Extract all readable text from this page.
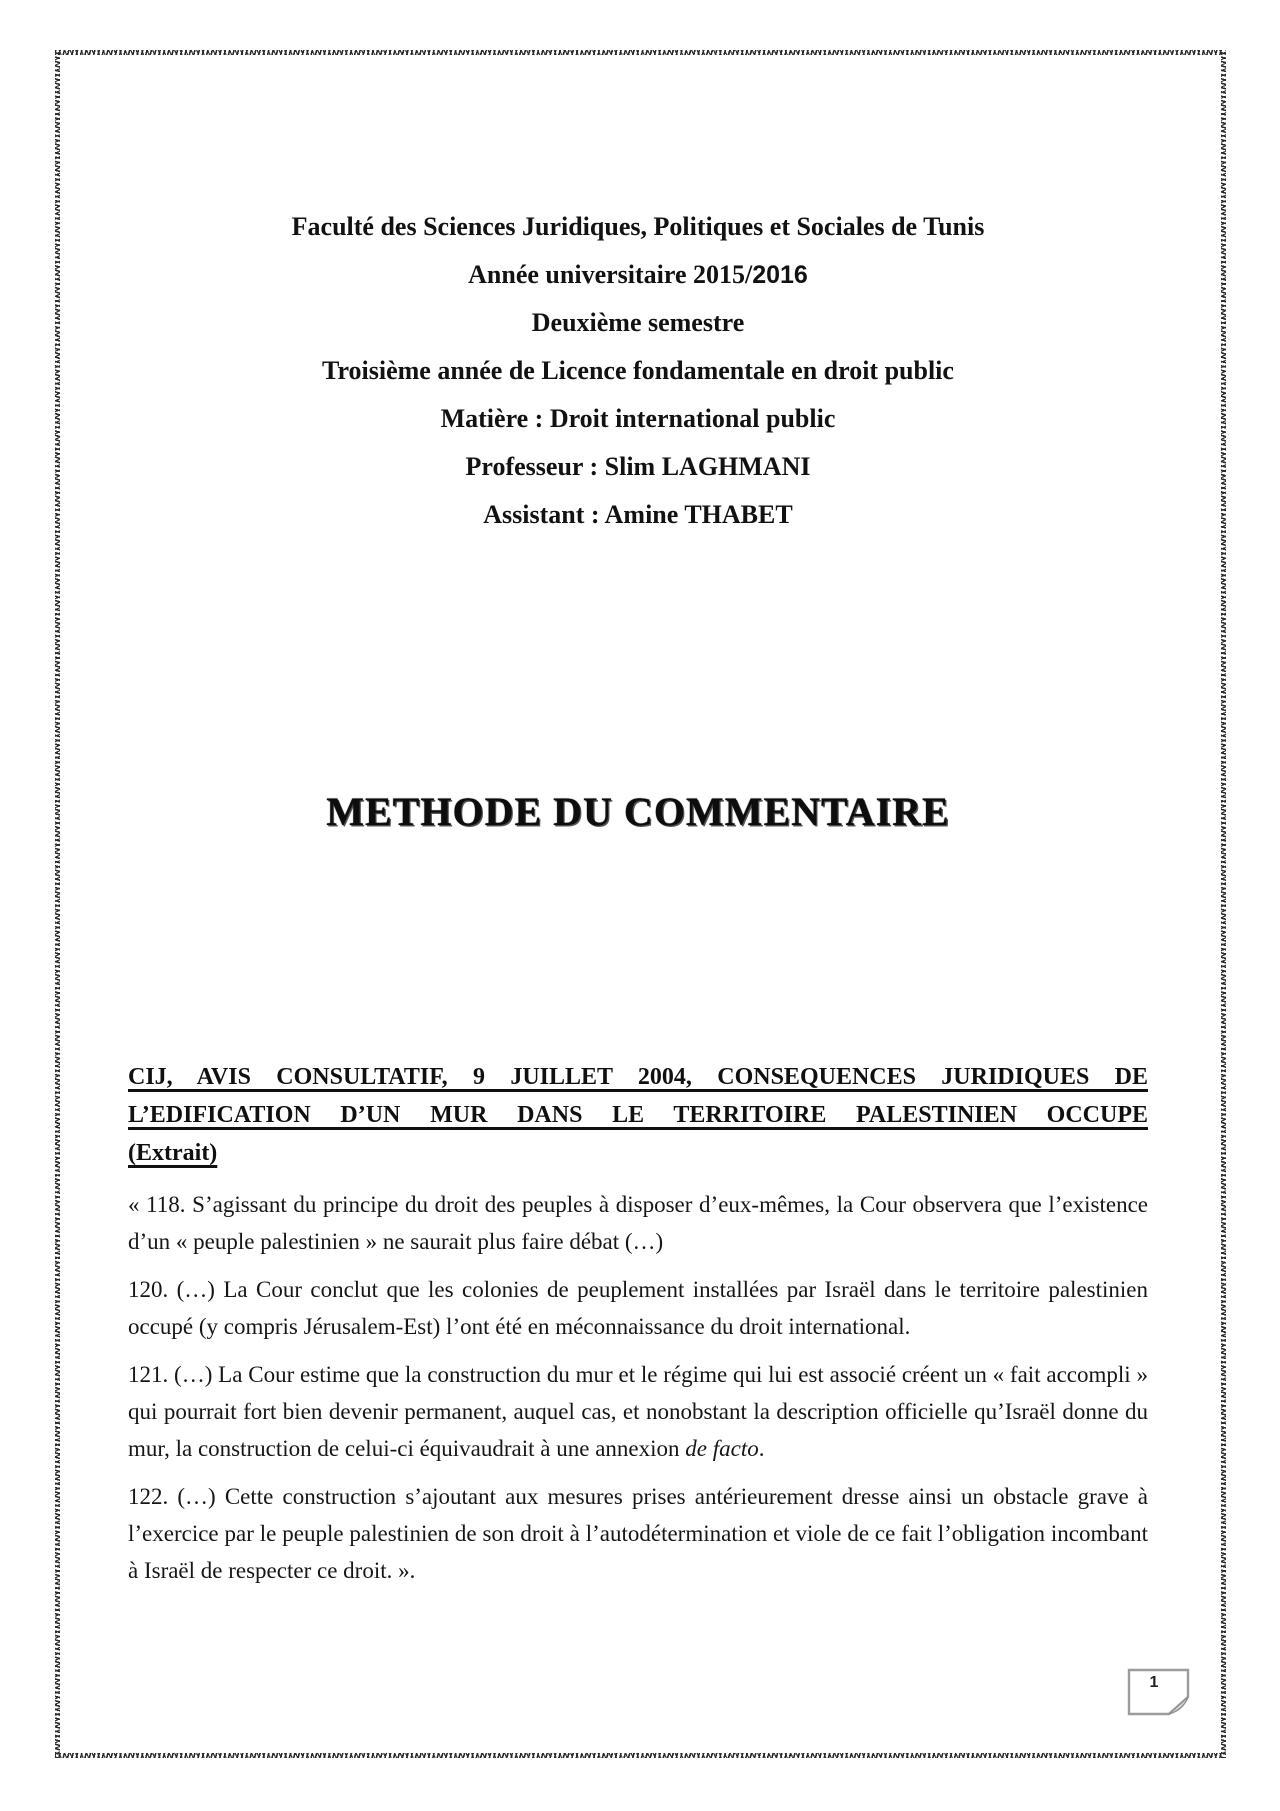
Faculté des Sciences Juridiques, Politiques et Sociales de Tunis
Année universitaire 2015/2016
Deuxième semestre
Troisième année de Licence fondamentale en droit public
Matière : Droit international public
Professeur : Slim LAGHMANI
Assistant : Amine THABET
METHODE DU COMMENTAIRE
CIJ, AVIS CONSULTATIF, 9 JUILLET 2004, CONSEQUENCES JURIDIQUES DE
L’EDIFICATION D’UN MUR DANS LE TERRITOIRE PALESTINIEN OCCUPE
(Extrait)

« 118. S’agissant du principe du droit des peuples à disposer d’eux-mêmes, la Cour observera que l’existence d’un « peuple palestinien » ne saurait plus faire débat (…)

120. (…) La Cour conclut que les colonies de peuplement installées par Israël dans le territoire palestinien occupé (y compris Jérusalem-Est) l’ont été en méconnaissance du droit international.

121. (…) La Cour estime que la construction du mur et le régime qui lui est associé créent un « fait accompli » qui pourrait fort bien devenir permanent, auquel cas, et nonobstant la description officielle qu’Israël donne du mur, la construction de celui-ci équivaudrait à une annexion de facto.

122. (…) Cette construction s’ajoutant aux mesures prises antérieurement dresse ainsi un obstacle grave à l’exercice par le peuple palestinien de son droit à l’autodétermination et viole de ce fait l’obligation incombant à Israël de respecter ce droit. ».

1
